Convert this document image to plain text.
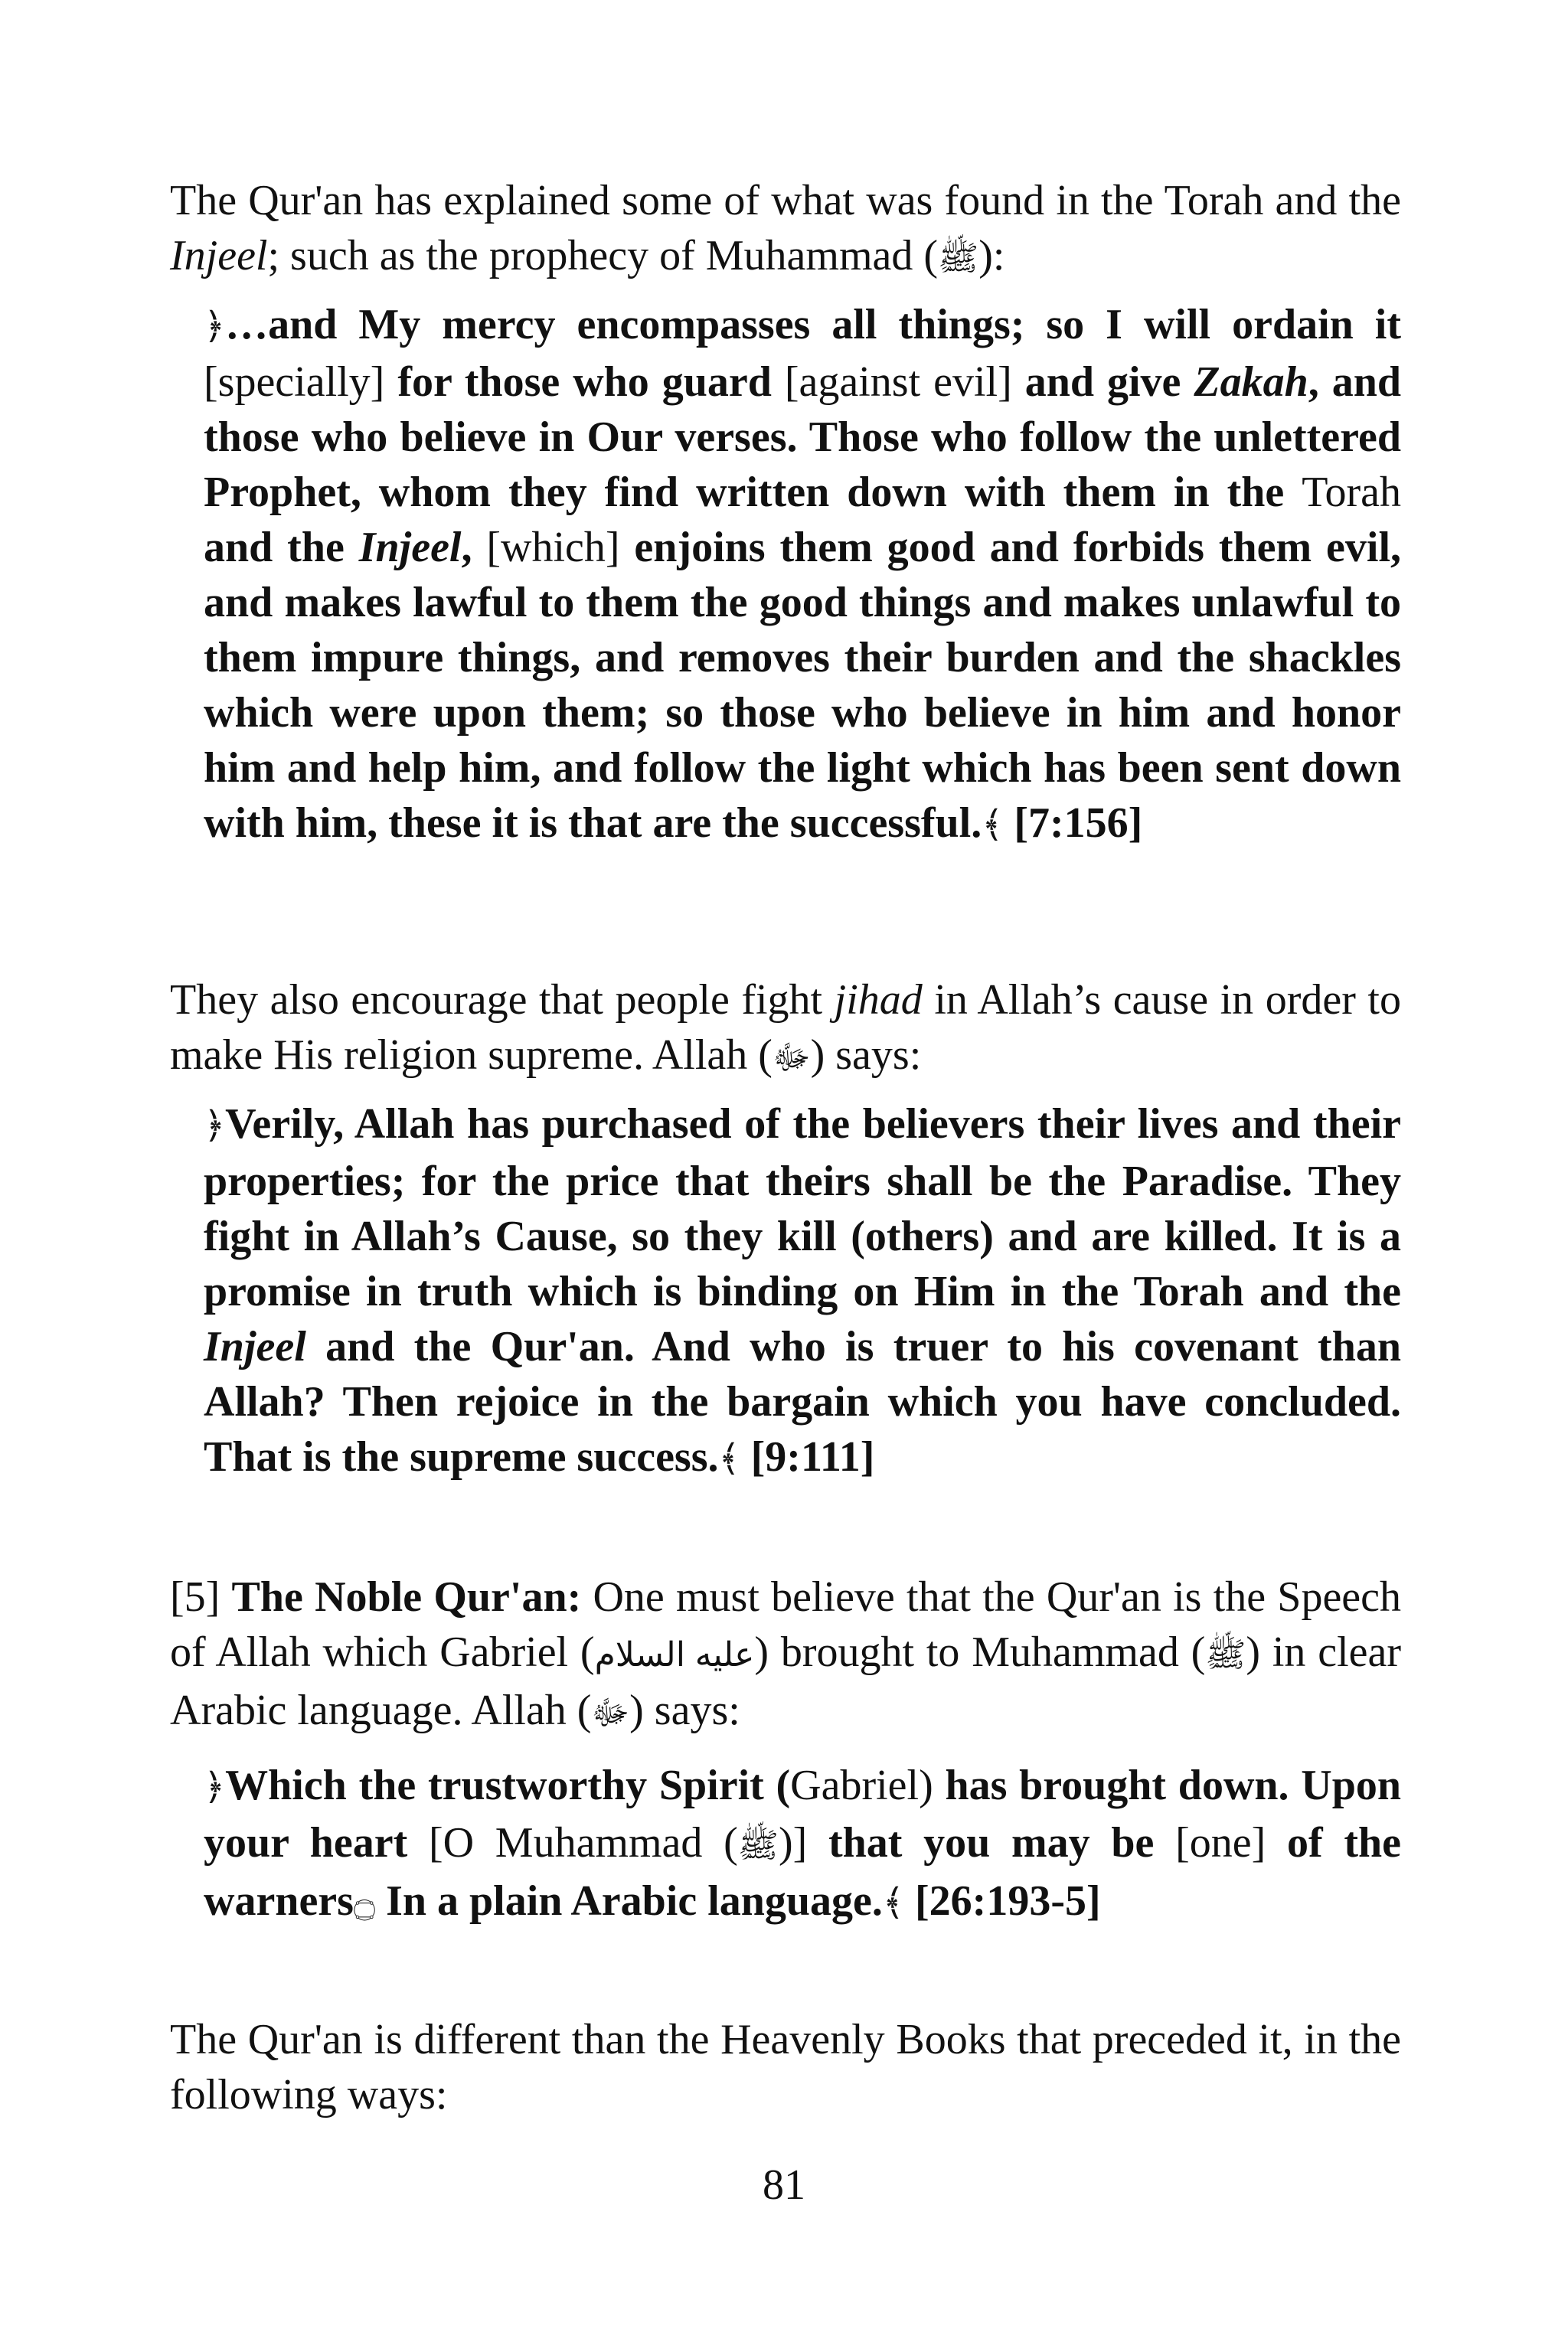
The Qur'an has explained some of what was found in the Torah and the Injeel; such as the prophecy of Muhammad (ﷺ):

﴿…and My mercy encompasses all things; so I will ordain it [specially] for those who guard [against evil] and give Zakah, and those who believe in Our verses. Those who follow the unlettered Prophet, whom they find written down with them in the Torah and the Injeel, [which] enjoins them good and forbids them evil, and makes lawful to them the good things and makes unlawful to them impure things, and removes their burden and the shackles which were upon them; so those who believe in him and honor him and help him, and follow the light which has been sent down with him, these it is that are the successful.﴾ [7:156]

They also encourage that people fight jihad in Allah’s cause in order to make His religion supreme. Allah (ﷻ) says:

﴿Verily, Allah has purchased of the believers their lives and their properties; for the price that theirs shall be the Paradise. They fight in Allah’s Cause, so they kill (others) and are killed. It is a promise in truth which is binding on Him in the Torah and the Injeel and the Qur'an. And who is truer to his covenant than Allah? Then rejoice in the bargain which you have concluded. That is the supreme success.﴾ [9:111]

[5] The Noble Qur'an: One must believe that the Qur'an is the Speech of Allah which Gabriel (عليه السلام) brought to Muhammad (ﷺ) in clear Arabic language. Allah (ﷻ) says:

﴿Which the trustworthy Spirit (Gabriel) has brought down. Upon your heart [O Muhammad (ﷺ)] that you may be [one] of the warners۝ In a plain Arabic language.﴾ [26:193-5]

The Qur'an is different than the Heavenly Books that preceded it, in the following ways:

81
